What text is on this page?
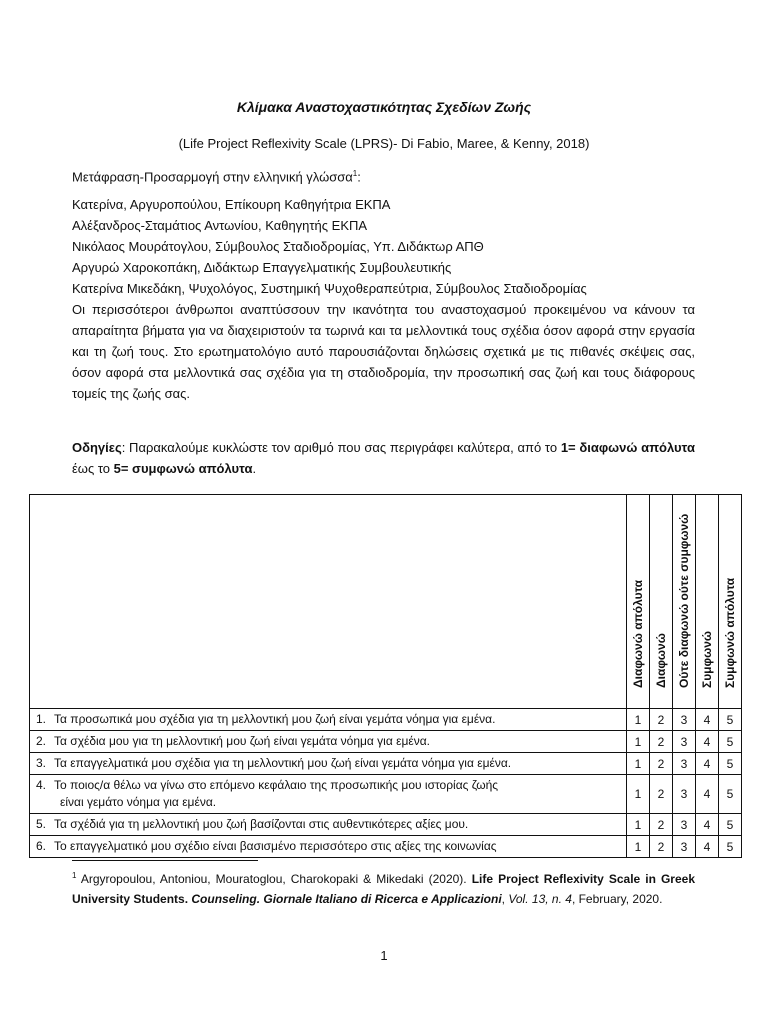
Κλίμακα Αναστοχαστικότητας Σχεδίων Ζωής
(Life Project Reflexivity Scale (LPRS)- Di Fabio, Maree, & Kenny, 2018)
Μετάφραση-Προσαρμογή στην ελληνική γλώσσα$^1$:
Κατερίνα, Αργυροπούλου, Επίκουρη Καθηγήτρια ΕΚΠΑ
Αλέξανδρος-Σταμάτιος Αντωνίου, Καθηγητής ΕΚΠΑ
Νικόλαος Μουράτογλου, Σύμβουλος Σταδιοδρομίας, Υπ. Διδάκτωρ ΑΠΘ
Αργυρώ Χαροκοπάκη, Διδάκτωρ Επαγγελματικής Συμβουλευτικής
Κατερίνα Μικεδάκη, Ψυχολόγος, Συστημική Ψυχοθεραπεύτρια, Σύμβουλος Σταδιοδρομίας

Οι περισσότεροι άνθρωποι αναπτύσσουν την ικανότητα του αναστοχασμού προκειμένου να κάνουν τα απαραίτητα βήματα για να διαχειριστούν τα τωρινά και τα μελλοντικά τους σχέδια όσον αφορά στην εργασία και τη ζωή τους. Στο ερωτηματολόγιο αυτό παρουσιάζονται δηλώσεις σχετικά με τις πιθανές σκέψεις σας, όσον αφορά στα μελλοντικά σας σχέδια για τη σταδιοδρομία, την προσωπική σας ζωή και τους διάφορους τομείς της ζωής σας.

Οδηγίες: Παρακαλούμε κυκλώστε τον αριθμό που σας περιγράφει καλύτερα, από το 1= διαφωνώ απόλυτα έως το 5= συμφωνώ απόλυτα.

	Διαφωνώ απόλυτα	Διαφωνώ	Ούτε διαφωνώ ούτε συμφωνώ	Συμφωνώ	Συμφωνώ απόλυτα

1. Τα προσωπικά μου σχέδια για τη μελλοντική μου ζωή είναι γεμάτα νόημα για εμένα.	1	2	3	4	5
2. Τα σχέδια μου για τη μελλοντική μου ζωή είναι γεμάτα νόημα για εμένα.	1	2	3	4	5
3. Τα επαγγελματικά μου σχέδια για τη μελλοντική μου ζωή είναι γεμάτα νόημα για εμένα.	1	2	3	4	5
4. Το ποιος/α θέλω να γίνω στο επόμενο κεφάλαιο της προσωπικής μου ιστορίας ζωής
είναι γεμάτο νόημα για εμένα.	1	2	3	4	5
5. Τα σχέδιά για τη μελλοντική μου ζωή βασίζονται στις αυθεντικότερες αξίες μου.	1	2	3	4	5
6. Το επαγγελματικό μου σχέδιο είναι βασισμένο περισσότερο στις αξίες της κοινωνίας	1	2	3	4	5

$^1$ Argyropoulou, Antoniou, Mouratoglou, Charokopaki & Mikedaki (2020). Life Project Reflexivity Scale in Greek University Students. Counseling. Giornale Italiano di Ricerca e Applicazioni, Vol. 13, n. 4, February, 2020.

1
